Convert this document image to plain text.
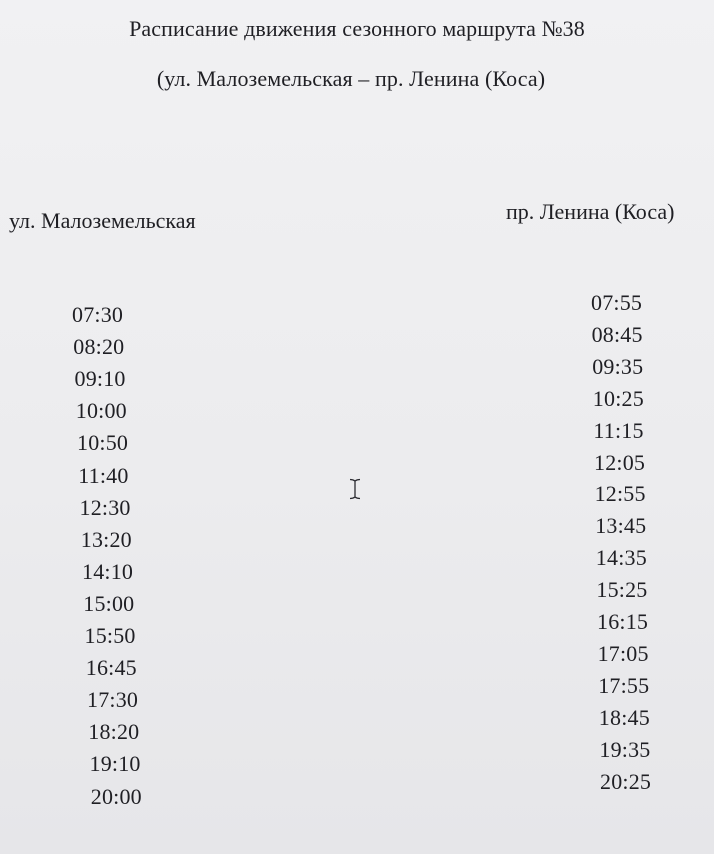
Расписание движения сезонного маршрута №38
(ул. Малоземельская – пр. Ленина (Коса)
ул. Малоземельская	пр. Ленина (Коса)
07:30
08:20
09:10
10:00
10:50
11:40
12:30
13:20
14:10
15:00
15:50
16:45
17:30
18:20
19:10
20:00
07:55
08:45
09:35
10:25
11:15
12:05
12:55
13:45
14:35
15:25
16:15
17:05
17:55
18:45
19:35
20:25
